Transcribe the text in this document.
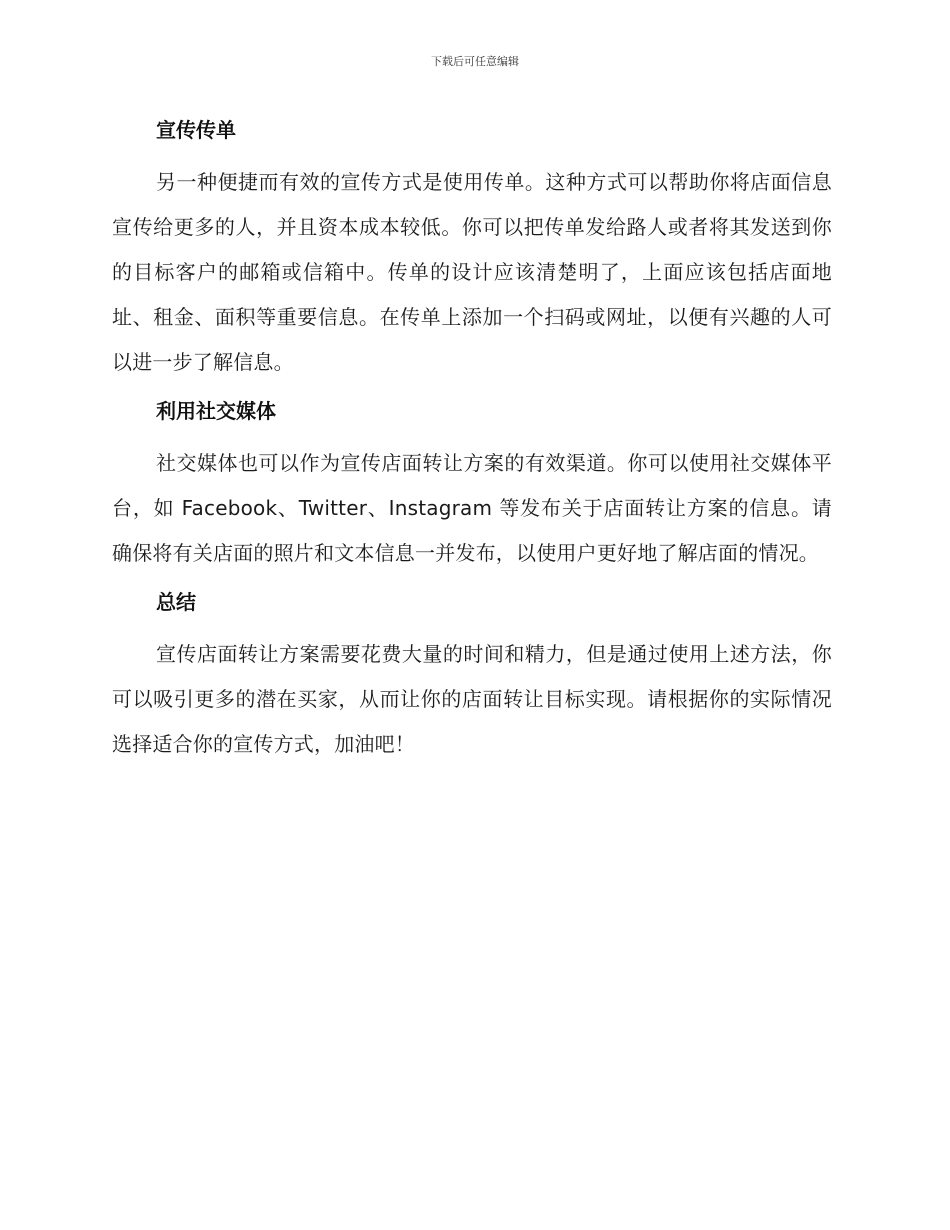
下载后可任意编辑
宣传传单

另一种便捷而有效的宣传方式是使用传单。这种方式可以帮助你将店面信息宣传给更多的人，并且资本成本较低。你可以把传单发给路人或者将其发送到你的目标客户的邮箱或信箱中。传单的设计应该清楚明了，上面应该包括店面地址、租金、面积等重要信息。在传单上添加一个扫码或网址，以便有兴趣的人可以进一步了解信息。

利用社交媒体

社交媒体也可以作为宣传店面转让方案的有效渠道。你可以使用社交媒体平台，如 Facebook、Twitter、Instagram 等发布关于店面转让方案的信息。请确保将有关店面的照片和文本信息一并发布，以使用户更好地了解店面的情况。

总结

宣传店面转让方案需要花费大量的时间和精力，但是通过使用上述方法，你可以吸引更多的潜在买家，从而让你的店面转让目标实现。请根据你的实际情况选择适合你的宣传方式，加油吧！
